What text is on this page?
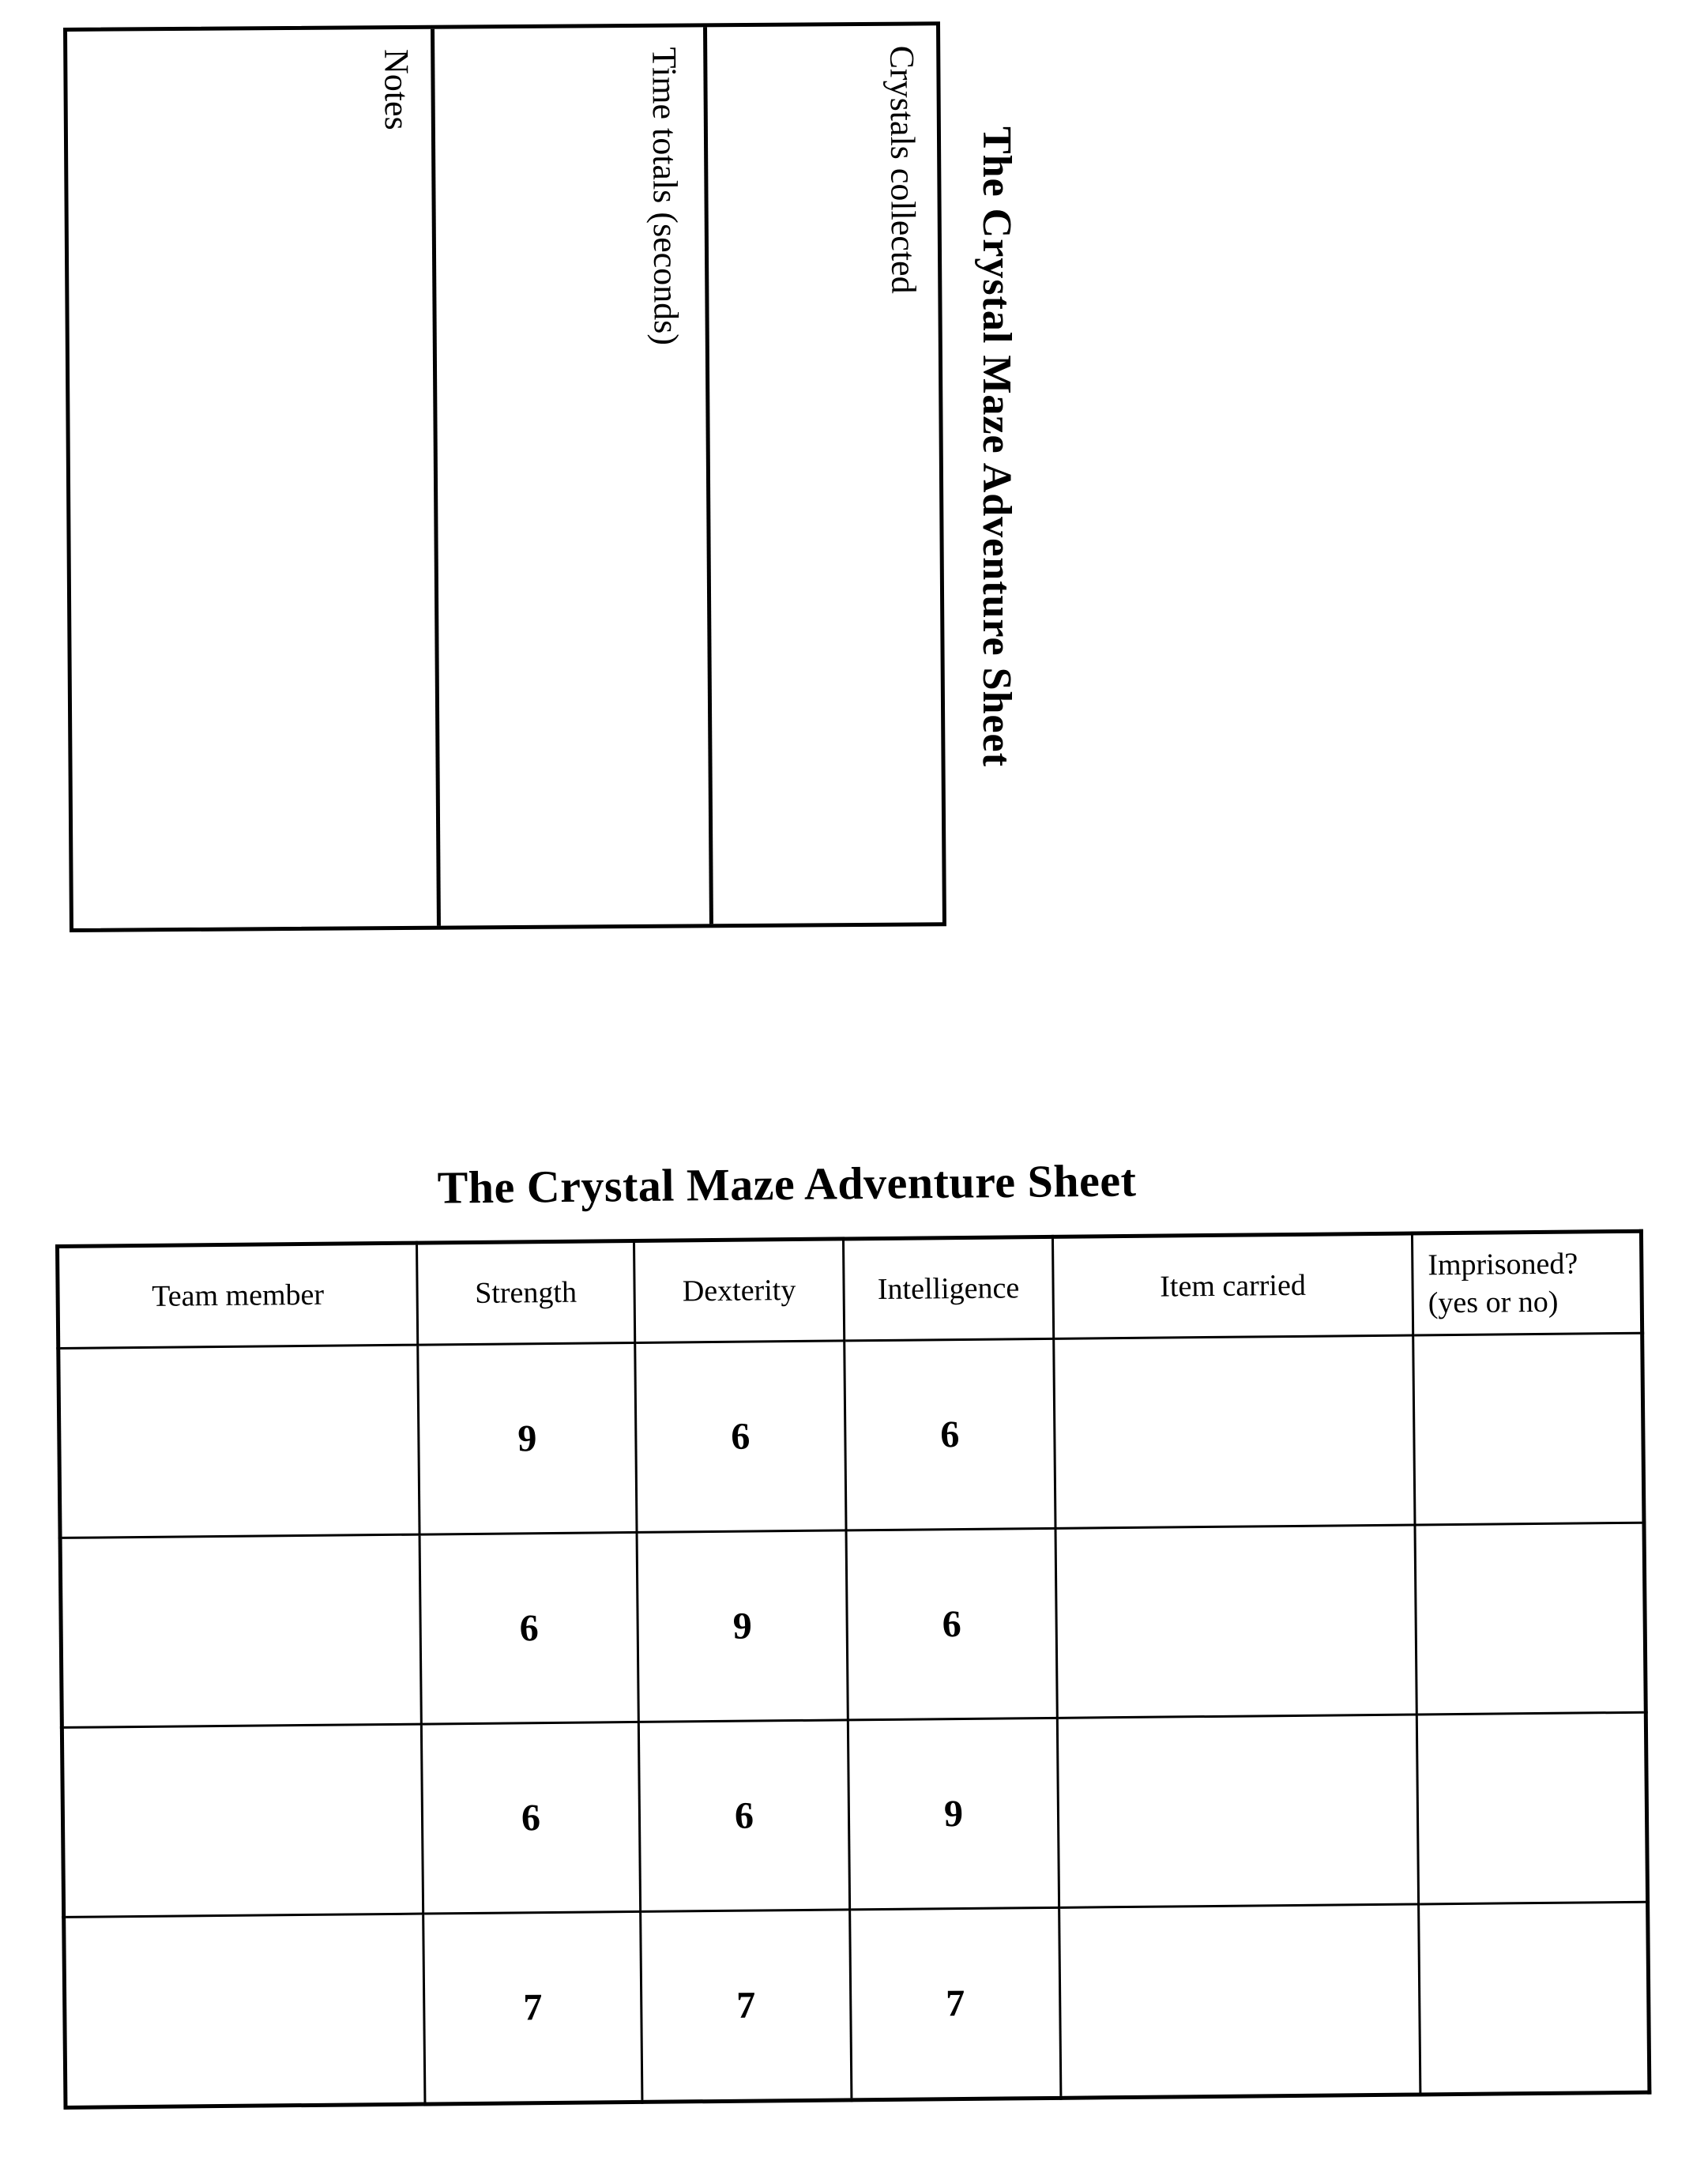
Notes	Time totals (seconds)	Crystals collected The Crystal Maze Adventure Sheet
The Crystal Maze Adventure Sheet
Team member	Strength	Dexterity	Intelligence	Item carried	Imprisoned?
(yes or no)

	9	6	6		
	6	9	6		
	6	6	9		
	7	7	7		
